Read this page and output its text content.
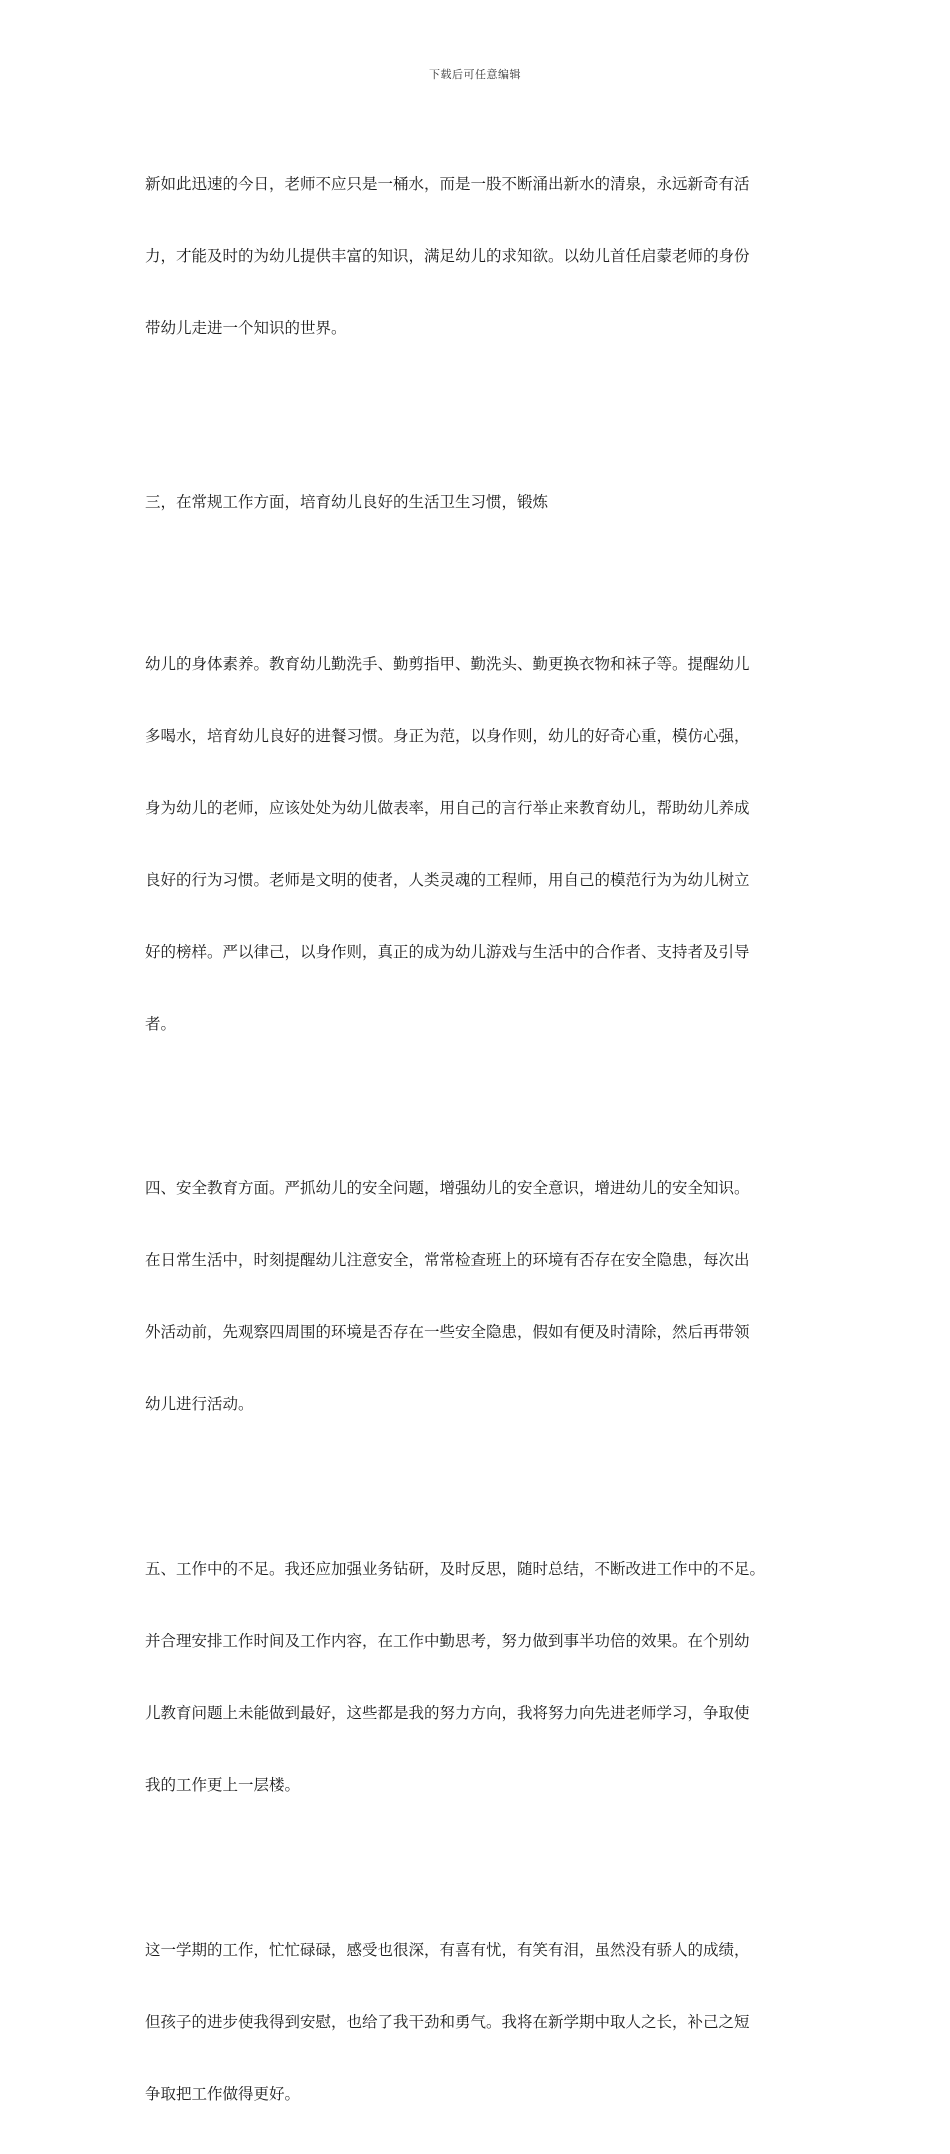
下载后可任意编辑

新如此迅速的今日，老师不应只是一桶水，而是一股不断涌出新水的清泉，永远新奇有活

力，才能及时的为幼儿提供丰富的知识，满足幼儿的求知欲。以幼儿首任启蒙老师的身份

带幼儿走进一个知识的世界。

三，在常规工作方面，培育幼儿良好的生活卫生习惯，锻炼

幼儿的身体素养。教育幼儿勤洗手、勤剪指甲、勤洗头、勤更换衣物和袜子等。提醒幼儿

多喝水，培育幼儿良好的进餐习惯。身正为范，以身作则，幼儿的好奇心重，模仿心强，

身为幼儿的老师，应该处处为幼儿做表率，用自己的言行举止来教育幼儿，帮助幼儿养成

良好的行为习惯。老师是文明的使者，人类灵魂的工程师，用自己的模范行为为幼儿树立

好的榜样。严以律己，以身作则，真正的成为幼儿游戏与生活中的合作者、支持者及引导

者。

四、安全教育方面。严抓幼儿的安全问题，增强幼儿的安全意识，增进幼儿的安全知识。

在日常生活中，时刻提醒幼儿注意安全，常常检查班上的环境有否存在安全隐患，每次出

外活动前，先观察四周围的环境是否存在一些安全隐患，假如有便及时清除，然后再带领

幼儿进行活动。

五、工作中的不足。我还应加强业务钻研，及时反思，随时总结，不断改进工作中的不足。

并合理安排工作时间及工作内容，在工作中勤思考，努力做到事半功倍的效果。在个别幼

儿教育问题上未能做到最好，这些都是我的努力方向，我将努力向先进老师学习，争取使

我的工作更上一层楼。

这一学期的工作，忙忙碌碌，感受也很深，有喜有忧，有笑有泪，虽然没有骄人的成绩，

但孩子的进步使我得到安慰，也给了我干劲和勇气。我将在新学期中取人之长，补己之短

争取把工作做得更好。
